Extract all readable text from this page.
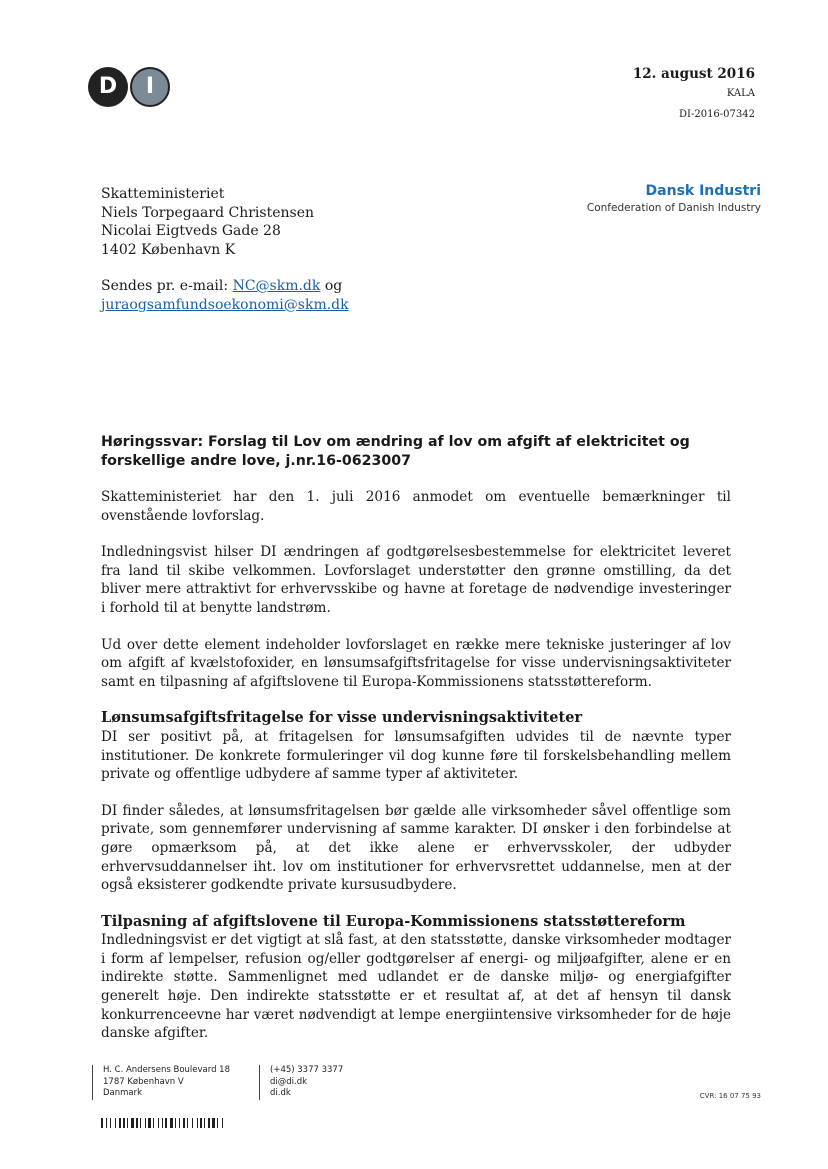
D	I	12. august 2016
KALA
DI-2016-07342
Dansk Industri
Confederation of Danish Industry
Skatteministeriet
Niels Torpegaard Christensen
Nicolai Eigtveds Gade 28
1402 København K
Sendes pr. e-mail: NC@skm.dk og
juraogsamfundsoekonomi@skm.dk
Høringssvar: Forslag til Lov om ændring af lov om afgift af elektricitet og forskellige andre love, j.nr.16-0623007

Skatteministeriet har den 1. juli 2016 anmodet om eventuelle bemærkninger til ovenstående lovforslag.

Indledningsvist hilser DI ændringen af godtgørelsesbestemmelse for elektricitet leveret fra land til skibe velkommen. Lovforslaget understøtter den grønne omstilling, da det bliver mere attraktivt for erhvervsskibe og havne at foretage de nødvendige investeringer i forhold til at benytte landstrøm.

Ud over dette element indeholder lovforslaget en række mere tekniske justeringer af lov om afgift af kvælstofoxider, en lønsumsafgiftsfritagelse for visse undervisningsaktiviteter samt en tilpasning af afgiftslovene til Europa-Kommissionens statsstøttereform.

Lønsumsafgiftsfritagelse for visse undervisningsaktiviteter

DI ser positivt på, at fritagelsen for lønsumsafgiften udvides til de nævnte typer institutioner. De konkrete formuleringer vil dog kunne føre til forskelsbehandling mellem private og offentlige udbydere af samme typer af aktiviteter.

DI finder således, at lønsumsfritagelsen bør gælde alle virksomheder såvel offentlige som private, som gennemfører undervisning af samme karakter. DI ønsker i den forbindelse at gøre opmærksom på, at det ikke alene er erhvervsskoler, der udbyder erhvervsuddannelser iht. lov om institutioner for erhvervsrettet uddannelse, men at der også eksisterer godkendte private kursusudbydere.

Tilpasning af afgiftslovene til Europa-Kommissionens statsstøttereform

Indledningsvist er det vigtigt at slå fast, at den statsstøtte, danske virksomheder modtager i form af lempelser, refusion og/eller godtgørelser af energi- og miljøafgifter, alene er en indirekte støtte. Sammenlignet med udlandet er de danske miljø- og energiafgifter generelt høje. Den indirekte statsstøtte er et resultat af, at det af hensyn til dansk konkurrenceevne har været nødvendigt at lempe energiintensive virksomheder for de høje danske afgifter.

H. C. Andersens Boulevard 18
1787 København V
Danmark
(+45) 3377 3377
di@di.dk
di.dk	CVR: 16 07 75 93
